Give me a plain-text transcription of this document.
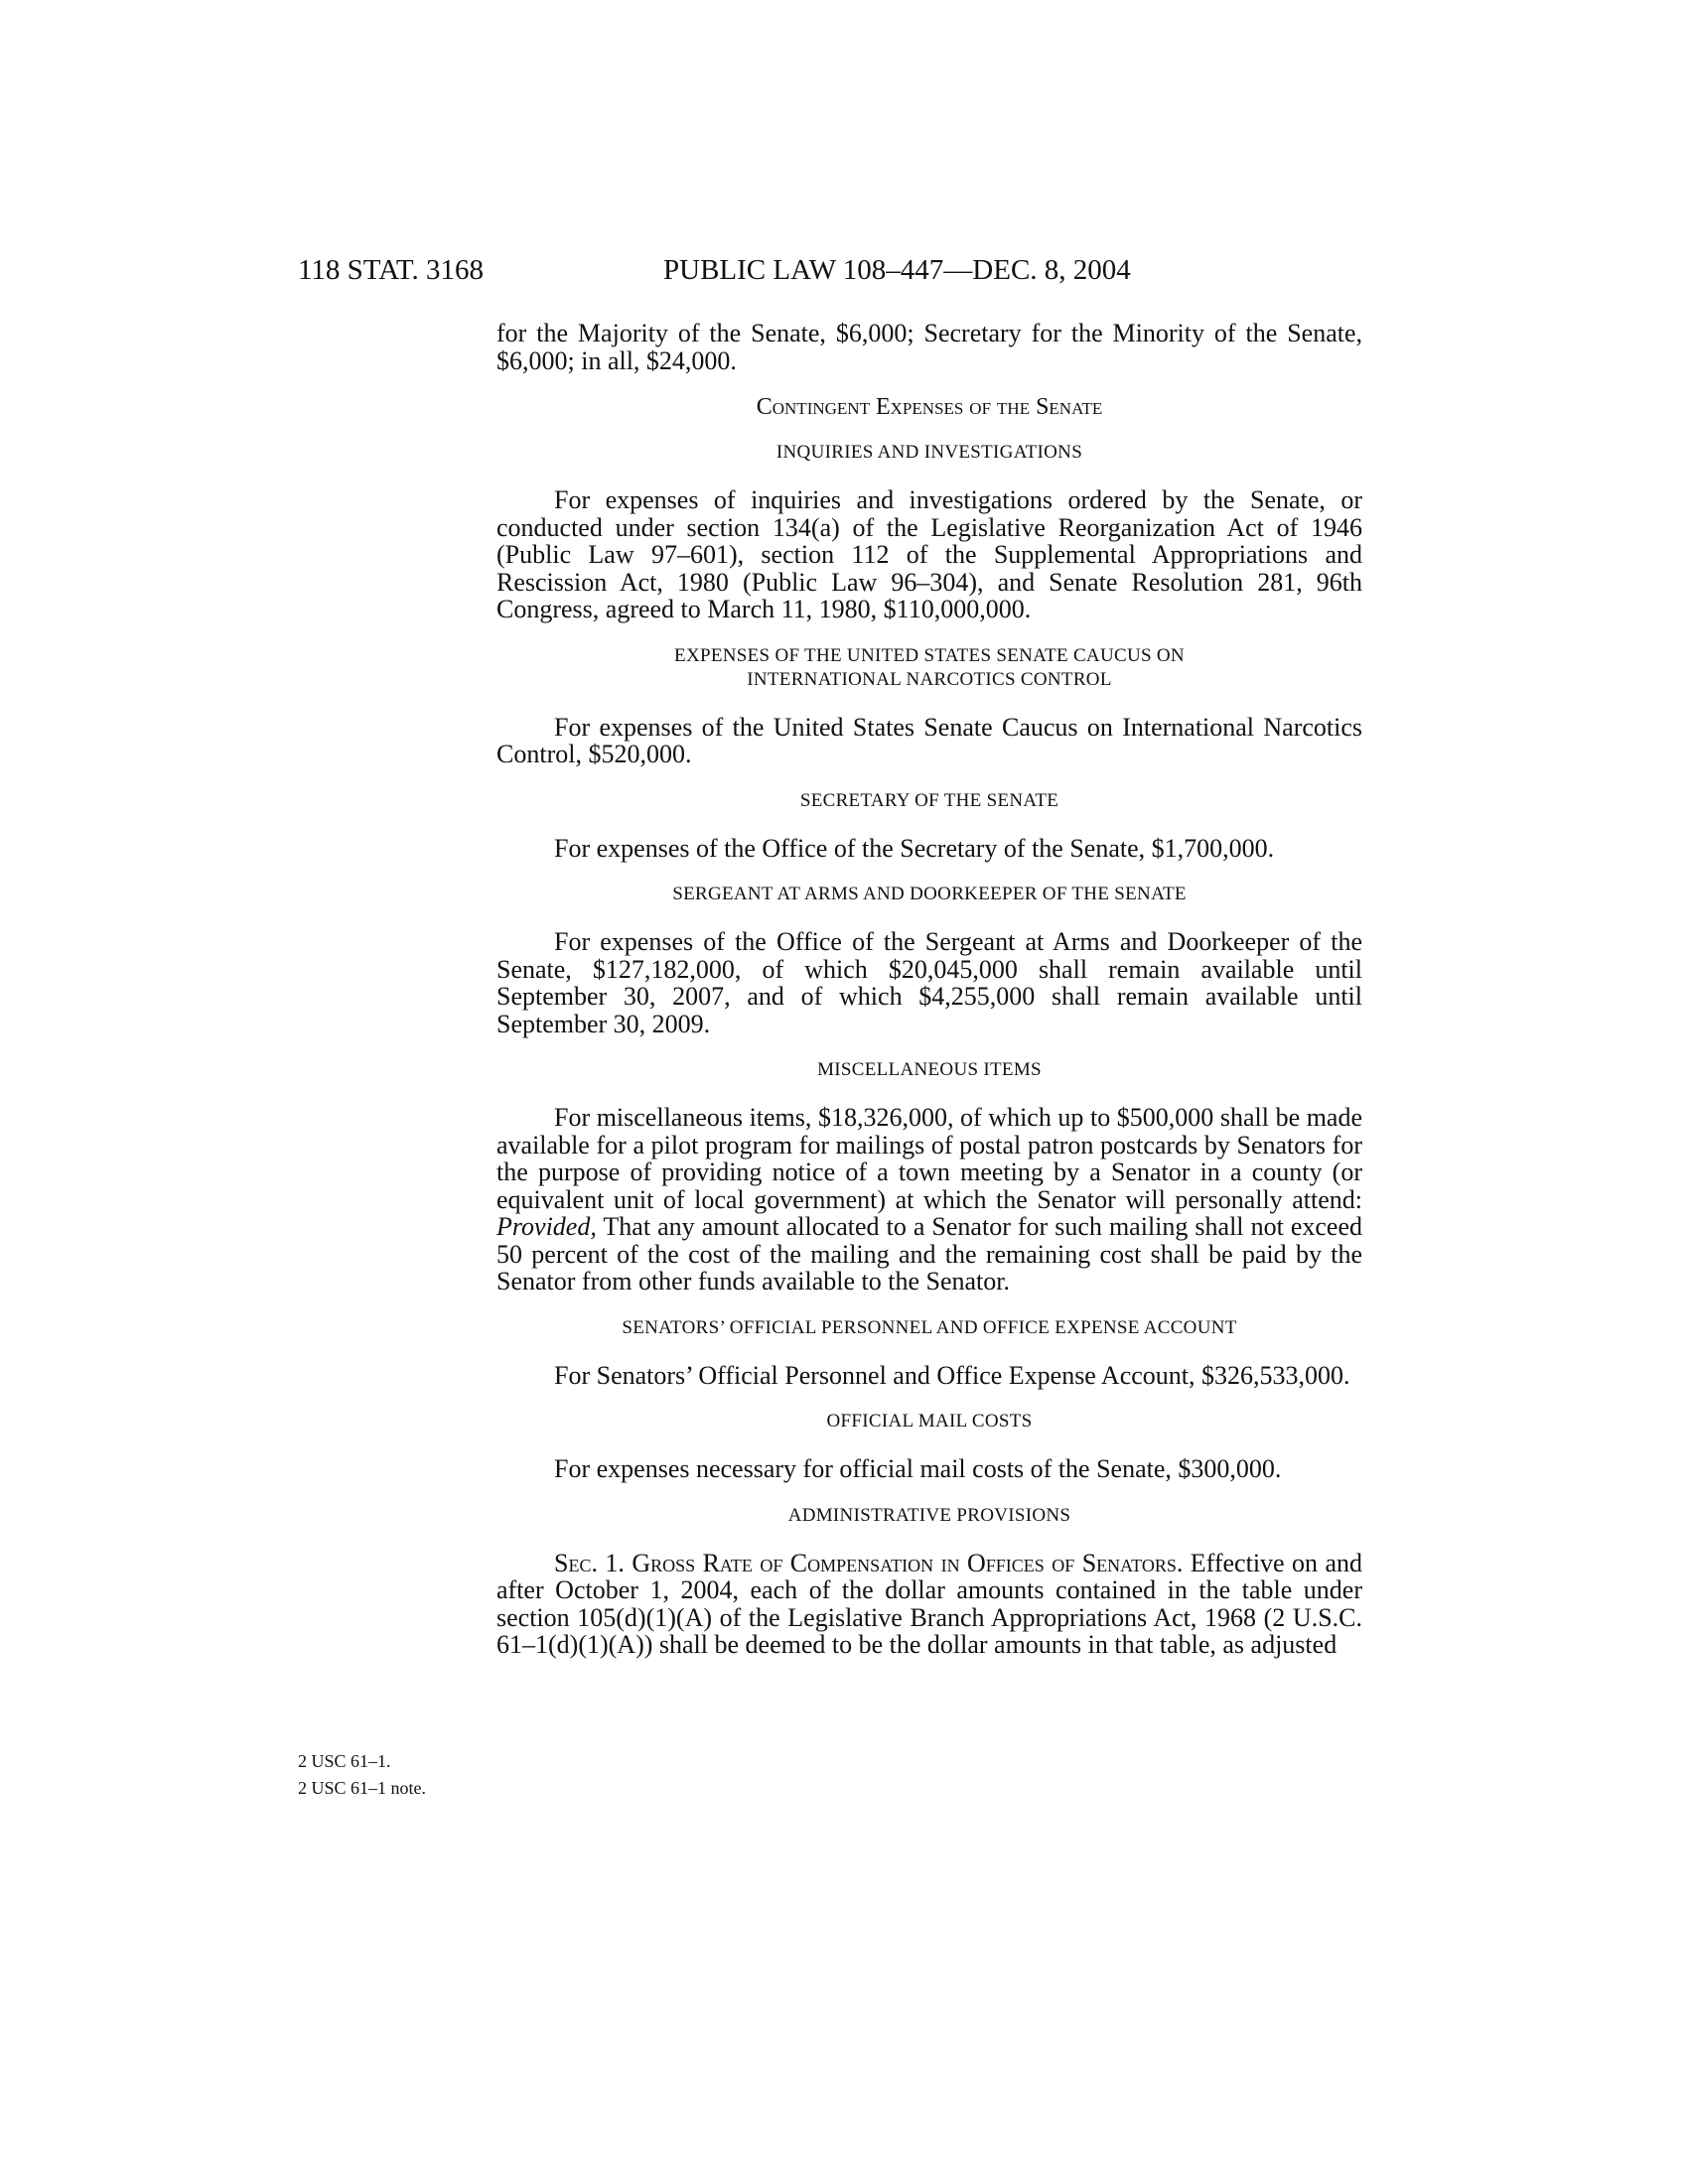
118 STAT. 3168	PUBLIC LAW 108–447—DEC. 8, 2004
2 USC 61–1.
2 USC 61–1 note.

for the Majority of the Senate, $6,000; Secretary for the Minority of the Senate, $6,000; in all, $24,000.

Contingent Expenses of the Senate
INQUIRIES AND INVESTIGATIONS

For expenses of inquiries and investigations ordered by the Senate, or conducted under section 134(a) of the Legislative Reorganization Act of 1946 (Public Law 97–601), section 112 of the Supplemental Appropriations and Rescission Act, 1980 (Public Law 96–304), and Senate Resolution 281, 96th Congress, agreed to March 11, 1980, $110,000,000.

EXPENSES OF THE UNITED STATES SENATE CAUCUS ON
INTERNATIONAL NARCOTICS CONTROL

For expenses of the United States Senate Caucus on International Narcotics Control, $520,000.

SECRETARY OF THE SENATE

For expenses of the Office of the Secretary of the Senate, $1,700,000.

SERGEANT AT ARMS AND DOORKEEPER OF THE SENATE

For expenses of the Office of the Sergeant at Arms and Doorkeeper of the Senate, $127,182,000, of which $20,045,000 shall remain available until September 30, 2007, and of which $4,255,000 shall remain available until September 30, 2009.

MISCELLANEOUS ITEMS

For miscellaneous items, $18,326,000, of which up to $500,000 shall be made available for a pilot program for mailings of postal patron postcards by Senators for the purpose of providing notice of a town meeting by a Senator in a county (or equivalent unit of local government) at which the Senator will personally attend: Provided, That any amount allocated to a Senator for such mailing shall not exceed 50 percent of the cost of the mailing and the remaining cost shall be paid by the Senator from other funds available to the Senator.

SENATORS’ OFFICIAL PERSONNEL AND OFFICE EXPENSE ACCOUNT

For Senators’ Official Personnel and Office Expense Account, $326,533,000.

OFFICIAL MAIL COSTS

For expenses necessary for official mail costs of the Senate, $300,000.

ADMINISTRATIVE PROVISIONS

Sec. 1. Gross Rate of Compensation in Offices of Senators. Effective on and after October 1, 2004, each of the dollar amounts contained in the table under section 105(d)(1)(A) of the Legislative Branch Appropriations Act, 1968 (2 U.S.C. 61–1(d)(1)(A)) shall be deemed to be the dollar amounts in that table, as adjusted
